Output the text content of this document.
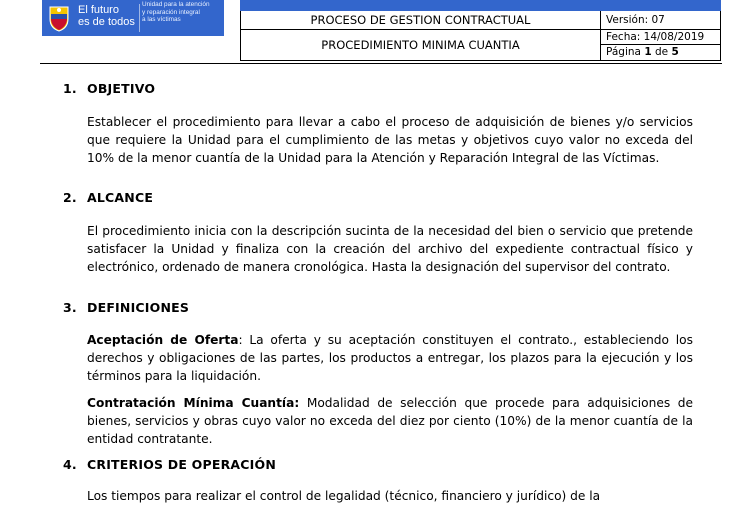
El futuro
es de todos
Unidad para la atención
y reparación integral
a las víctimas	PROCESO DE GESTION CONTRACTUAL
PROCEDIMIENTO MINIMA CUANTIA
Versión: 07
Fecha: 14/08/2019
Página 1 de 5
1. OBJETIVO
Establecer el procedimiento para llevar a cabo el proceso de adquisición de bienes y/o servicios que requiere la Unidad para el cumplimiento de las metas y objetivos cuyo valor no exceda del 10% de la menor cuantía de la Unidad para la Atención y Reparación Integral de las Víctimas.
2. ALCANCE
El procedimiento inicia con la descripción sucinta de la necesidad del bien o servicio que pretende satisfacer la Unidad y finaliza con la creación del archivo del expediente contractual físico y electrónico, ordenado de manera cronológica. Hasta la designación del supervisor del contrato.
3. DEFINICIONES
Aceptación de Oferta: La oferta y su aceptación constituyen el contrato., estableciendo los derechos y obligaciones de las partes, los productos a entregar, los plazos para la ejecución y los términos para la liquidación.
Contratación Mínima Cuantía: Modalidad de selección que procede para adquisiciones de bienes, servicios y obras cuyo valor no exceda del diez por ciento (10%) de la menor cuantía de la entidad contratante.
4. CRITERIOS DE OPERACIÓN
Los tiempos para realizar el control de legalidad (técnico, financiero y jurídico) de la
